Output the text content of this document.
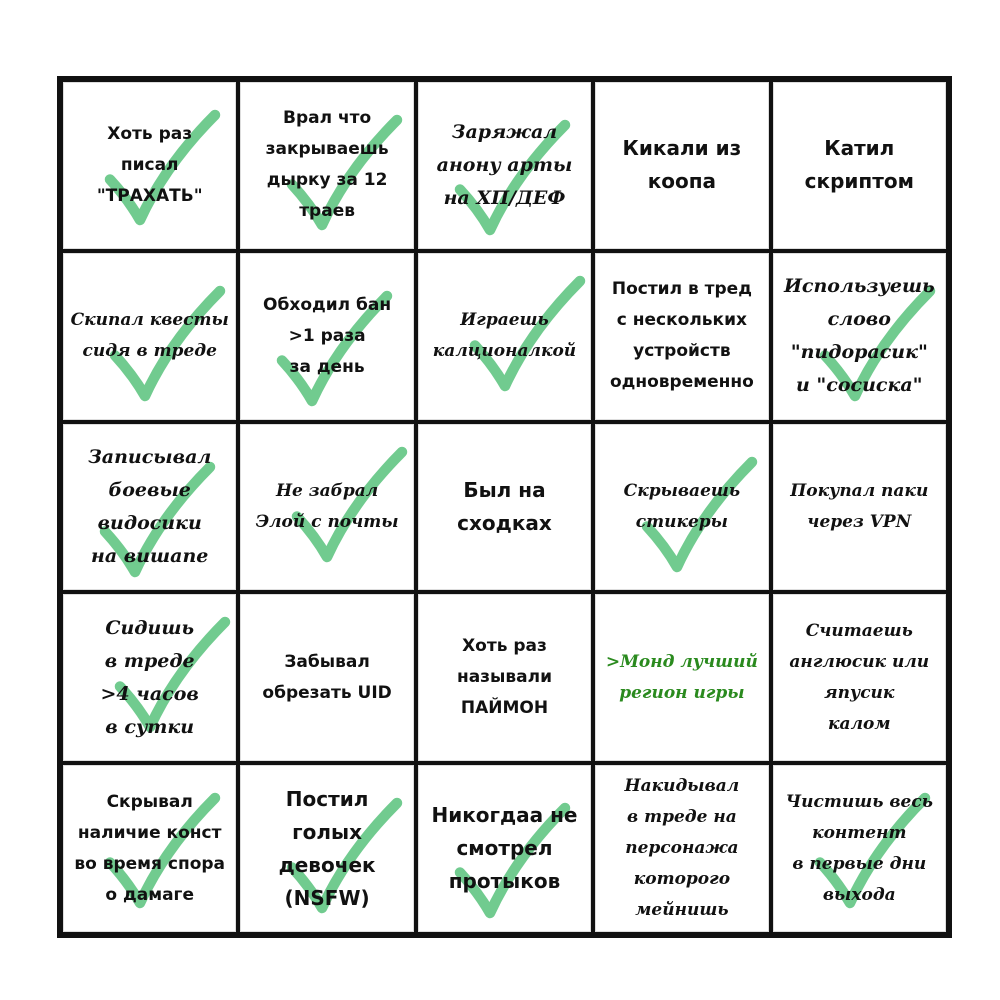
Хоть раз
писал
"ТРАХАТЬ"
Врал что
закрываешь
дырку за 12
траев
Заряжал
анону арты
на ХП/ДЕФ
Кикали из
коопа
Катил
скриптом
Скипал квесты
сидя в треде
Обходил бан
>1 раза
за день
Играешь
калционалкой
Постил в тред
с нескольких
устройств
одновременно
Используешь
слово
"пидорасик"
и "сосиска"
Записывал
боевые
видосики
на вишапе
Не забрал
Элой с почты
Был на
сходках
Скрываешь
стикеры
Покупал паки
через VPN
Сидишь
в треде
>4 часов
в сутки
Забывал
обрезать UID
Хоть раз
называли
ПАЙМОН
>Монд лучший
регион игры
Считаешь
англюсик или
япусик
калом
Скрывал
наличие конст
во время спора
о дамаге
Постил
голых
девочек
(NSFW)
Никогдаа не
смотрел
протыков
Накидывал
в треде на
персонажа
которого
мейнишь
Чистишь весь
контент
в первые дни
выхода
